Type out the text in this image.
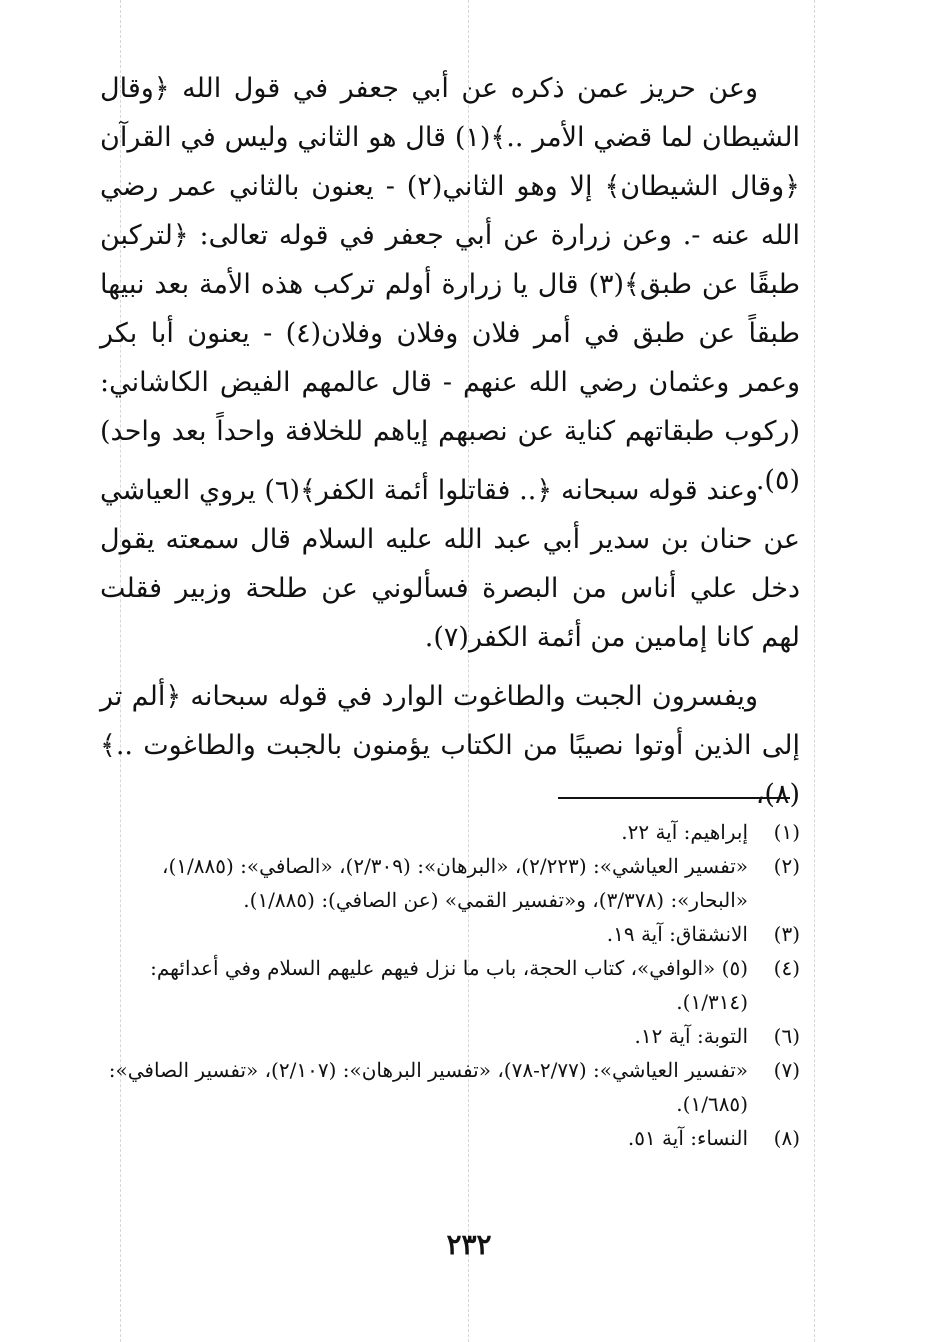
وعن حريز عمن ذكره عن أبي جعفر في قول الله ﴿وقال الشيطان لما قضي الأمر ..﴾(١) قال هو الثاني وليس في القرآن ﴿وقال الشيطان﴾ إلا وهو الثاني(٢) - يعنون بالثاني عمر رضي الله عنه -. وعن زرارة عن أبي جعفر في قوله تعالى: ﴿لتركبن طبقًا عن طبق﴾(٣) قال يا زرارة أولم تركب هذه الأمة بعد نبيها طبقاً عن طبق في أمر فلان وفلان وفلان(٤) - يعنون أبا بكر وعمر وعثمان رضي الله عنهم - قال عالمهم الفيض الكاشاني: (ركوب طبقاتهم كناية عن نصبهم إياهم للخلافة واحداً بعد واحد)(٥).

وعند قوله سبحانه ﴿.. فقاتلوا أئمة الكفر﴾(٦) يروي العياشي عن حنان بن سدير أبي عبد الله عليه السلام قال سمعته يقول دخل علي أناس من البصرة فسألوني عن طلحة وزبير فقلت لهم كانا إمامين من أئمة الكفر(٧).

ويفسرون الجبت والطاغوت الوارد في قوله سبحانه ﴿ألم تر إلى الذين أوتوا نصيبًا من الكتاب يؤمنون بالجبت والطاغوت ..﴾(٨)،

(١)
إبراهيم: آية ٢٢.
(٢)
«تفسير العياشي»: (٢/٢٢٣)، «البرهان»: (٢/٣٠٩)، «الصافي»: (١/٨٨٥)، «البحار»: (٣/٣٧٨)، و«تفسير القمي» (عن الصافي): (١/٨٨٥).
(٣)
الانشقاق: آية ١٩.
(٤)
(٥) «الوافي»، كتاب الحجة، باب ما نزل فيهم عليهم السلام وفي أعدائهم: (١/٣١٤).
(٦)
التوبة: آية ١٢.
(٧)
«تفسير العياشي»: (٢/٧٧-٧٨)، «تفسير البرهان»: (٢/١٠٧)، «تفسير الصافي»: (١/٦٨٥).
(٨)
النساء: آية ٥١.
٢٣٢
